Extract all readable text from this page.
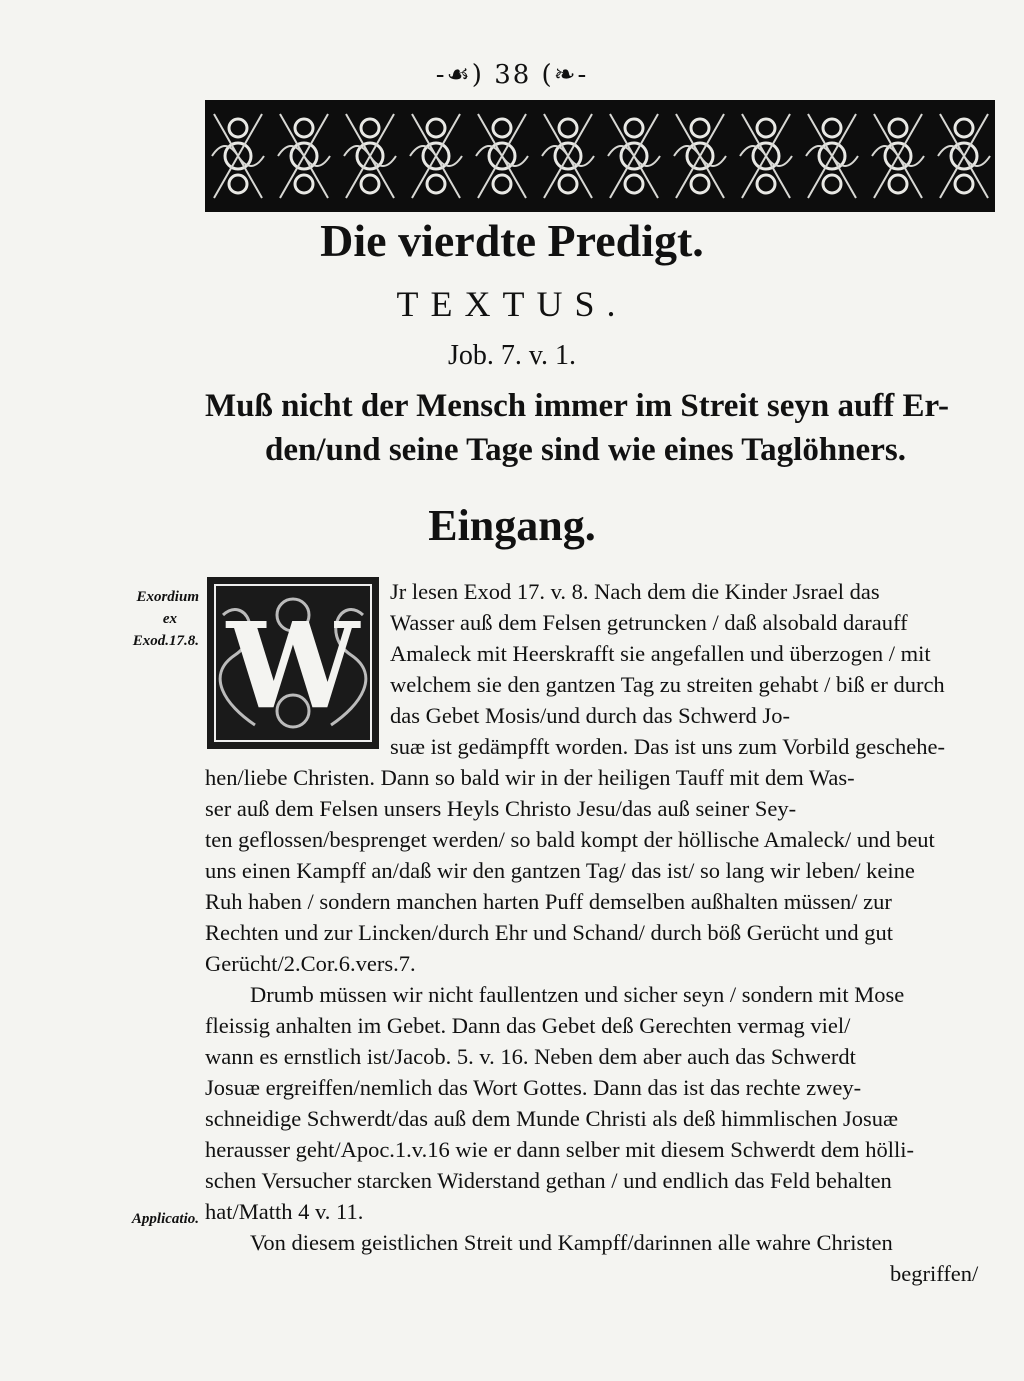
-☙) 38 (❧-
Die vierdte Predigt.
TEXTUS.
Job. 7. v. 1.
Muß nicht der Mensch immer im Streit seyn auff Er-
den/und seine Tage sind wie eines Taglöhners.
Eingang.
Exordium
ex
Exod.17.8.
Applicatio.
W
Jr lesen Exod 17. v. 8. Nach dem die Kinder Jsrael das
Wasser auß dem Felsen getruncken / daß alsobald darauff
Amaleck mit Heerskrafft sie angefallen und überzogen / mit
welchem sie den gantzen Tag zu streiten gehabt / biß er durch
das Gebet Mosis/und durch das Schwerd Jo-
suæ ist gedämpfft worden. Das ist uns zum Vorbild geschehe-
hen/liebe Christen. Dann so bald wir in der heiligen Tauff mit dem Was-
ser auß dem Felsen unsers Heyls Christo Jesu/das auß seiner Sey-
ten geflossen/besprenget werden/ so bald kompt der höllische Amaleck/ und beut
uns einen Kampff an/daß wir den gantzen Tag/ das ist/ so lang wir leben/ keine
Ruh haben / sondern manchen harten Puff demselben außhalten müssen/ zur
Rechten und zur Lincken/durch Ehr und Schand/ durch böß Gerücht und gut
Gerücht/2.Cor.6.vers.7.
Drumb müssen wir nicht faullentzen und sicher seyn / sondern mit Mose
fleissig anhalten im Gebet. Dann das Gebet deß Gerechten vermag viel/
wann es ernstlich ist/Jacob. 5. v. 16. Neben dem aber auch das Schwerdt
Josuæ ergreiffen/nemlich das Wort Gottes. Dann das ist das rechte zwey-
schneidige Schwerdt/das auß dem Munde Christi als deß himmlischen Josuæ
herausser geht/Apoc.1.v.16 wie er dann selber mit diesem Schwerdt dem hölli-
schen Versucher starcken Widerstand gethan / und endlich das Feld behalten
hat/Matth 4 v. 11.
Von diesem geistlichen Streit und Kampff/darinnen alle wahre Christen
begriffen/
